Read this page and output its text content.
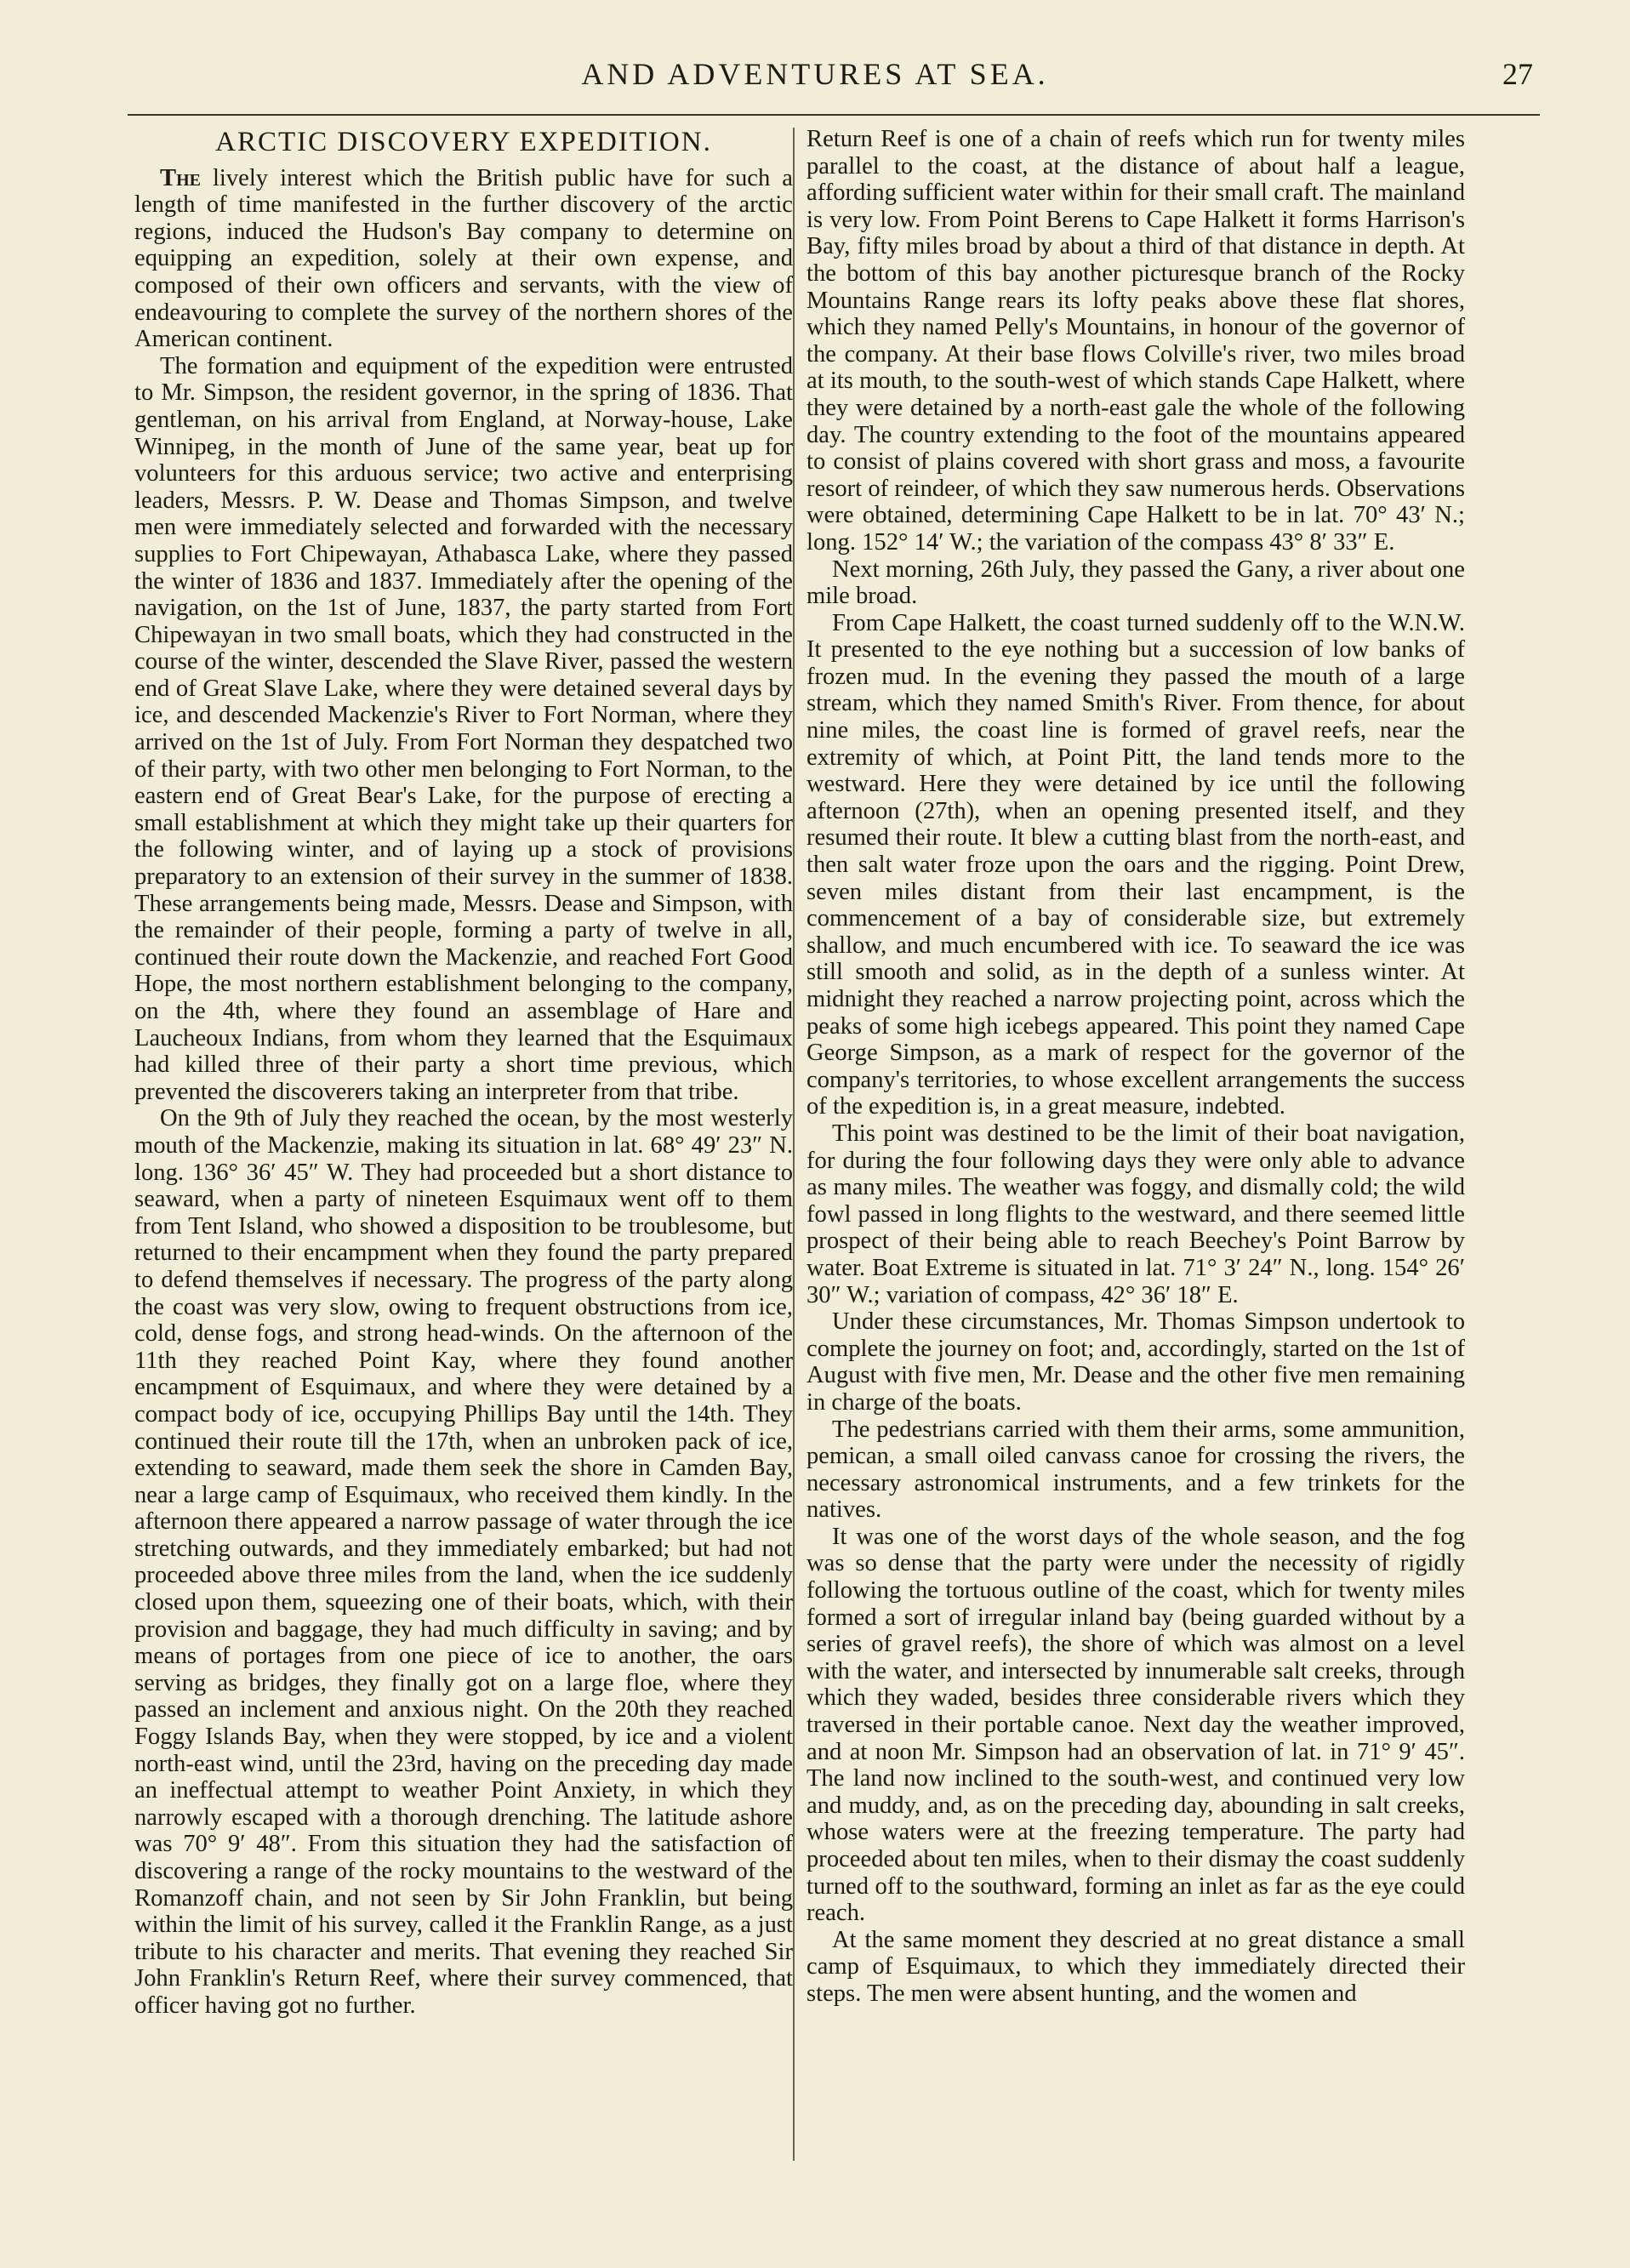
AND ADVENTURES AT SEA.	27
ARCTIC DISCOVERY EXPEDITION.

The lively interest which the British public have for such a length of time manifested in the further discovery of the arctic regions, induced the Hudson's Bay company to determine on equipping an expedition, solely at their own expense, and composed of their own officers and servants, with the view of endeavouring to complete the survey of the northern shores of the American continent.

The formation and equipment of the expedition were entrusted to Mr. Simpson, the resident governor, in the spring of 1836. That gentleman, on his arrival from England, at Norway-house, Lake Winnipeg, in the month of June of the same year, beat up for volunteers for this arduous service; two active and enterprising leaders, Messrs. P. W. Dease and Thomas Simpson, and twelve men were immediately selected and forwarded with the necessary supplies to Fort Chipewayan, Athabasca Lake, where they passed the winter of 1836 and 1837. Immediately after the opening of the navigation, on the 1st of June, 1837, the party started from Fort Chipewayan in two small boats, which they had constructed in the course of the winter, descended the Slave River, passed the western end of Great Slave Lake, where they were detained several days by ice, and descended Mackenzie's River to Fort Norman, where they arrived on the 1st of July. From Fort Norman they despatched two of their party, with two other men belonging to Fort Norman, to the eastern end of Great Bear's Lake, for the purpose of erecting a small establishment at which they might take up their quarters for the following winter, and of laying up a stock of provisions preparatory to an extension of their survey in the summer of 1838. These arrangements being made, Messrs. Dease and Simpson, with the remainder of their people, forming a party of twelve in all, continued their route down the Mackenzie, and reached Fort Good Hope, the most northern establishment belonging to the company, on the 4th, where they found an assemblage of Hare and Laucheoux Indians, from whom they learned that the Esquimaux had killed three of their party a short time previous, which prevented the discoverers taking an interpreter from that tribe.

On the 9th of July they reached the ocean, by the most westerly mouth of the Mackenzie, making its situation in lat. 68° 49′ 23″ N. long. 136° 36′ 45″ W. They had proceeded but a short distance to seaward, when a party of nineteen Esquimaux went off to them from Tent Island, who showed a disposition to be troublesome, but returned to their encampment when they found the party prepared to defend themselves if necessary. The progress of the party along the coast was very slow, owing to frequent obstructions from ice, cold, dense fogs, and strong head-winds. On the afternoon of the 11th they reached Point Kay, where they found another encampment of Esquimaux, and where they were detained by a compact body of ice, occupying Phillips Bay until the 14th. They continued their route till the 17th, when an unbroken pack of ice, extending to seaward, made them seek the shore in Camden Bay, near a large camp of Esquimaux, who received them kindly. In the afternoon there appeared a narrow passage of water through the ice stretching outwards, and they immediately embarked; but had not proceeded above three miles from the land, when the ice suddenly closed upon them, squeezing one of their boats, which, with their provision and baggage, they had much difficulty in saving; and by means of portages from one piece of ice to another, the oars serving as bridges, they finally got on a large floe, where they passed an inclement and anxious night. On the 20th they reached Foggy Islands Bay, when they were stopped, by ice and a violent north-east wind, until the 23rd, having on the preceding day made an ineffectual attempt to weather Point Anxiety, in which they narrowly escaped with a thorough drenching. The latitude ashore was 70° 9′ 48″. From this situation they had the satisfaction of discovering a range of the rocky mountains to the westward of the Romanzoff chain, and not seen by Sir John Franklin, but being within the limit of his survey, called it the Franklin Range, as a just tribute to his character and merits. That evening they reached Sir John Franklin's Return Reef, where their survey commenced, that officer having got no further.

Return Reef is one of a chain of reefs which run for twenty miles parallel to the coast, at the distance of about half a league, affording sufficient water within for their small craft. The mainland is very low. From Point Berens to Cape Halkett it forms Harrison's Bay, fifty miles broad by about a third of that distance in depth. At the bottom of this bay another picturesque branch of the Rocky Mountains Range rears its lofty peaks above these flat shores, which they named Pelly's Mountains, in honour of the governor of the company. At their base flows Colville's river, two miles broad at its mouth, to the south-west of which stands Cape Halkett, where they were detained by a north-east gale the whole of the following day. The country extending to the foot of the mountains appeared to consist of plains covered with short grass and moss, a favourite resort of reindeer, of which they saw numerous herds. Observations were obtained, determining Cape Halkett to be in lat. 70° 43′ N.; long. 152° 14′ W.; the variation of the compass 43° 8′ 33″ E.

Next morning, 26th July, they passed the Gany, a river about one mile broad.

From Cape Halkett, the coast turned suddenly off to the W.N.W. It presented to the eye nothing but a succession of low banks of frozen mud. In the evening they passed the mouth of a large stream, which they named Smith's River. From thence, for about nine miles, the coast line is formed of gravel reefs, near the extremity of which, at Point Pitt, the land tends more to the westward. Here they were detained by ice until the following afternoon (27th), when an opening presented itself, and they resumed their route. It blew a cutting blast from the north-east, and then salt water froze upon the oars and the rigging. Point Drew, seven miles distant from their last encampment, is the commencement of a bay of considerable size, but extremely shallow, and much encumbered with ice. To seaward the ice was still smooth and solid, as in the depth of a sunless winter. At midnight they reached a narrow projecting point, across which the peaks of some high icebegs appeared. This point they named Cape George Simpson, as a mark of respect for the governor of the company's territories, to whose excellent arrangements the success of the expedition is, in a great measure, indebted.

This point was destined to be the limit of their boat navigation, for during the four following days they were only able to advance as many miles. The weather was foggy, and dismally cold; the wild fowl passed in long flights to the westward, and there seemed little prospect of their being able to reach Beechey's Point Barrow by water. Boat Extreme is situated in lat. 71° 3′ 24″ N., long. 154° 26′ 30″ W.; variation of compass, 42° 36′ 18″ E.

Under these circumstances, Mr. Thomas Simpson undertook to complete the journey on foot; and, accordingly, started on the 1st of August with five men, Mr. Dease and the other five men remaining in charge of the boats.

The pedestrians carried with them their arms, some ammunition, pemican, a small oiled canvass canoe for crossing the rivers, the necessary astronomical instruments, and a few trinkets for the natives.

It was one of the worst days of the whole season, and the fog was so dense that the party were under the necessity of rigidly following the tortuous outline of the coast, which for twenty miles formed a sort of irregular inland bay (being guarded without by a series of gravel reefs), the shore of which was almost on a level with the water, and intersected by innumerable salt creeks, through which they waded, besides three considerable rivers which they traversed in their portable canoe. Next day the weather improved, and at noon Mr. Simpson had an observation of lat. in 71° 9′ 45″. The land now inclined to the south-west, and continued very low and muddy, and, as on the preceding day, abounding in salt creeks, whose waters were at the freezing temperature. The party had proceeded about ten miles, when to their dismay the coast suddenly turned off to the southward, forming an inlet as far as the eye could reach.

At the same moment they descried at no great distance a small camp of Esquimaux, to which they immediately directed their steps. The men were absent hunting, and the women and
